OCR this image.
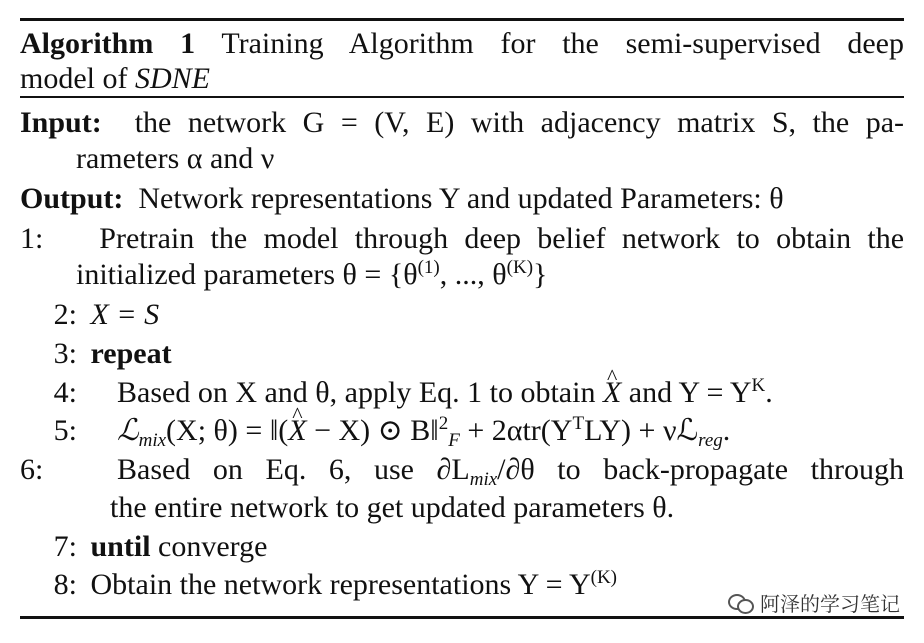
Algorithm 1 Training Algorithm for the semi-supervised deep
model of SDNE
Input: the network G = (V, E) with adjacency matrix S, the pa-
rameters α and ν
Output: Network representations Y and updated Parameters: θ
1: Pretrain the model through deep belief network to obtain the
initialized parameters $\theta = \{\theta^{(1)}$, ..., $\theta^{(K)}$}
2: X = S
3: repeat
4: Based on X and θ, apply Eq. 1 to obtain ^ X and $Y = Y^K$.
5: ℒ$_{mix}$(X; θ) = ‖(^ X − X) ⊙ B‖$^2_F$ + $2\alpha tr(Y^TLY)$ + νℒ$_{reg}$.
6: Based on Eq. 6, use $\partial L_{mix}/\partial\theta$ to back-propagate through
the entire network to get updated parameters θ.
7: until converge
8: Obtain the network representations $Y = Y^{(K)}$
阿泽的学习笔记
